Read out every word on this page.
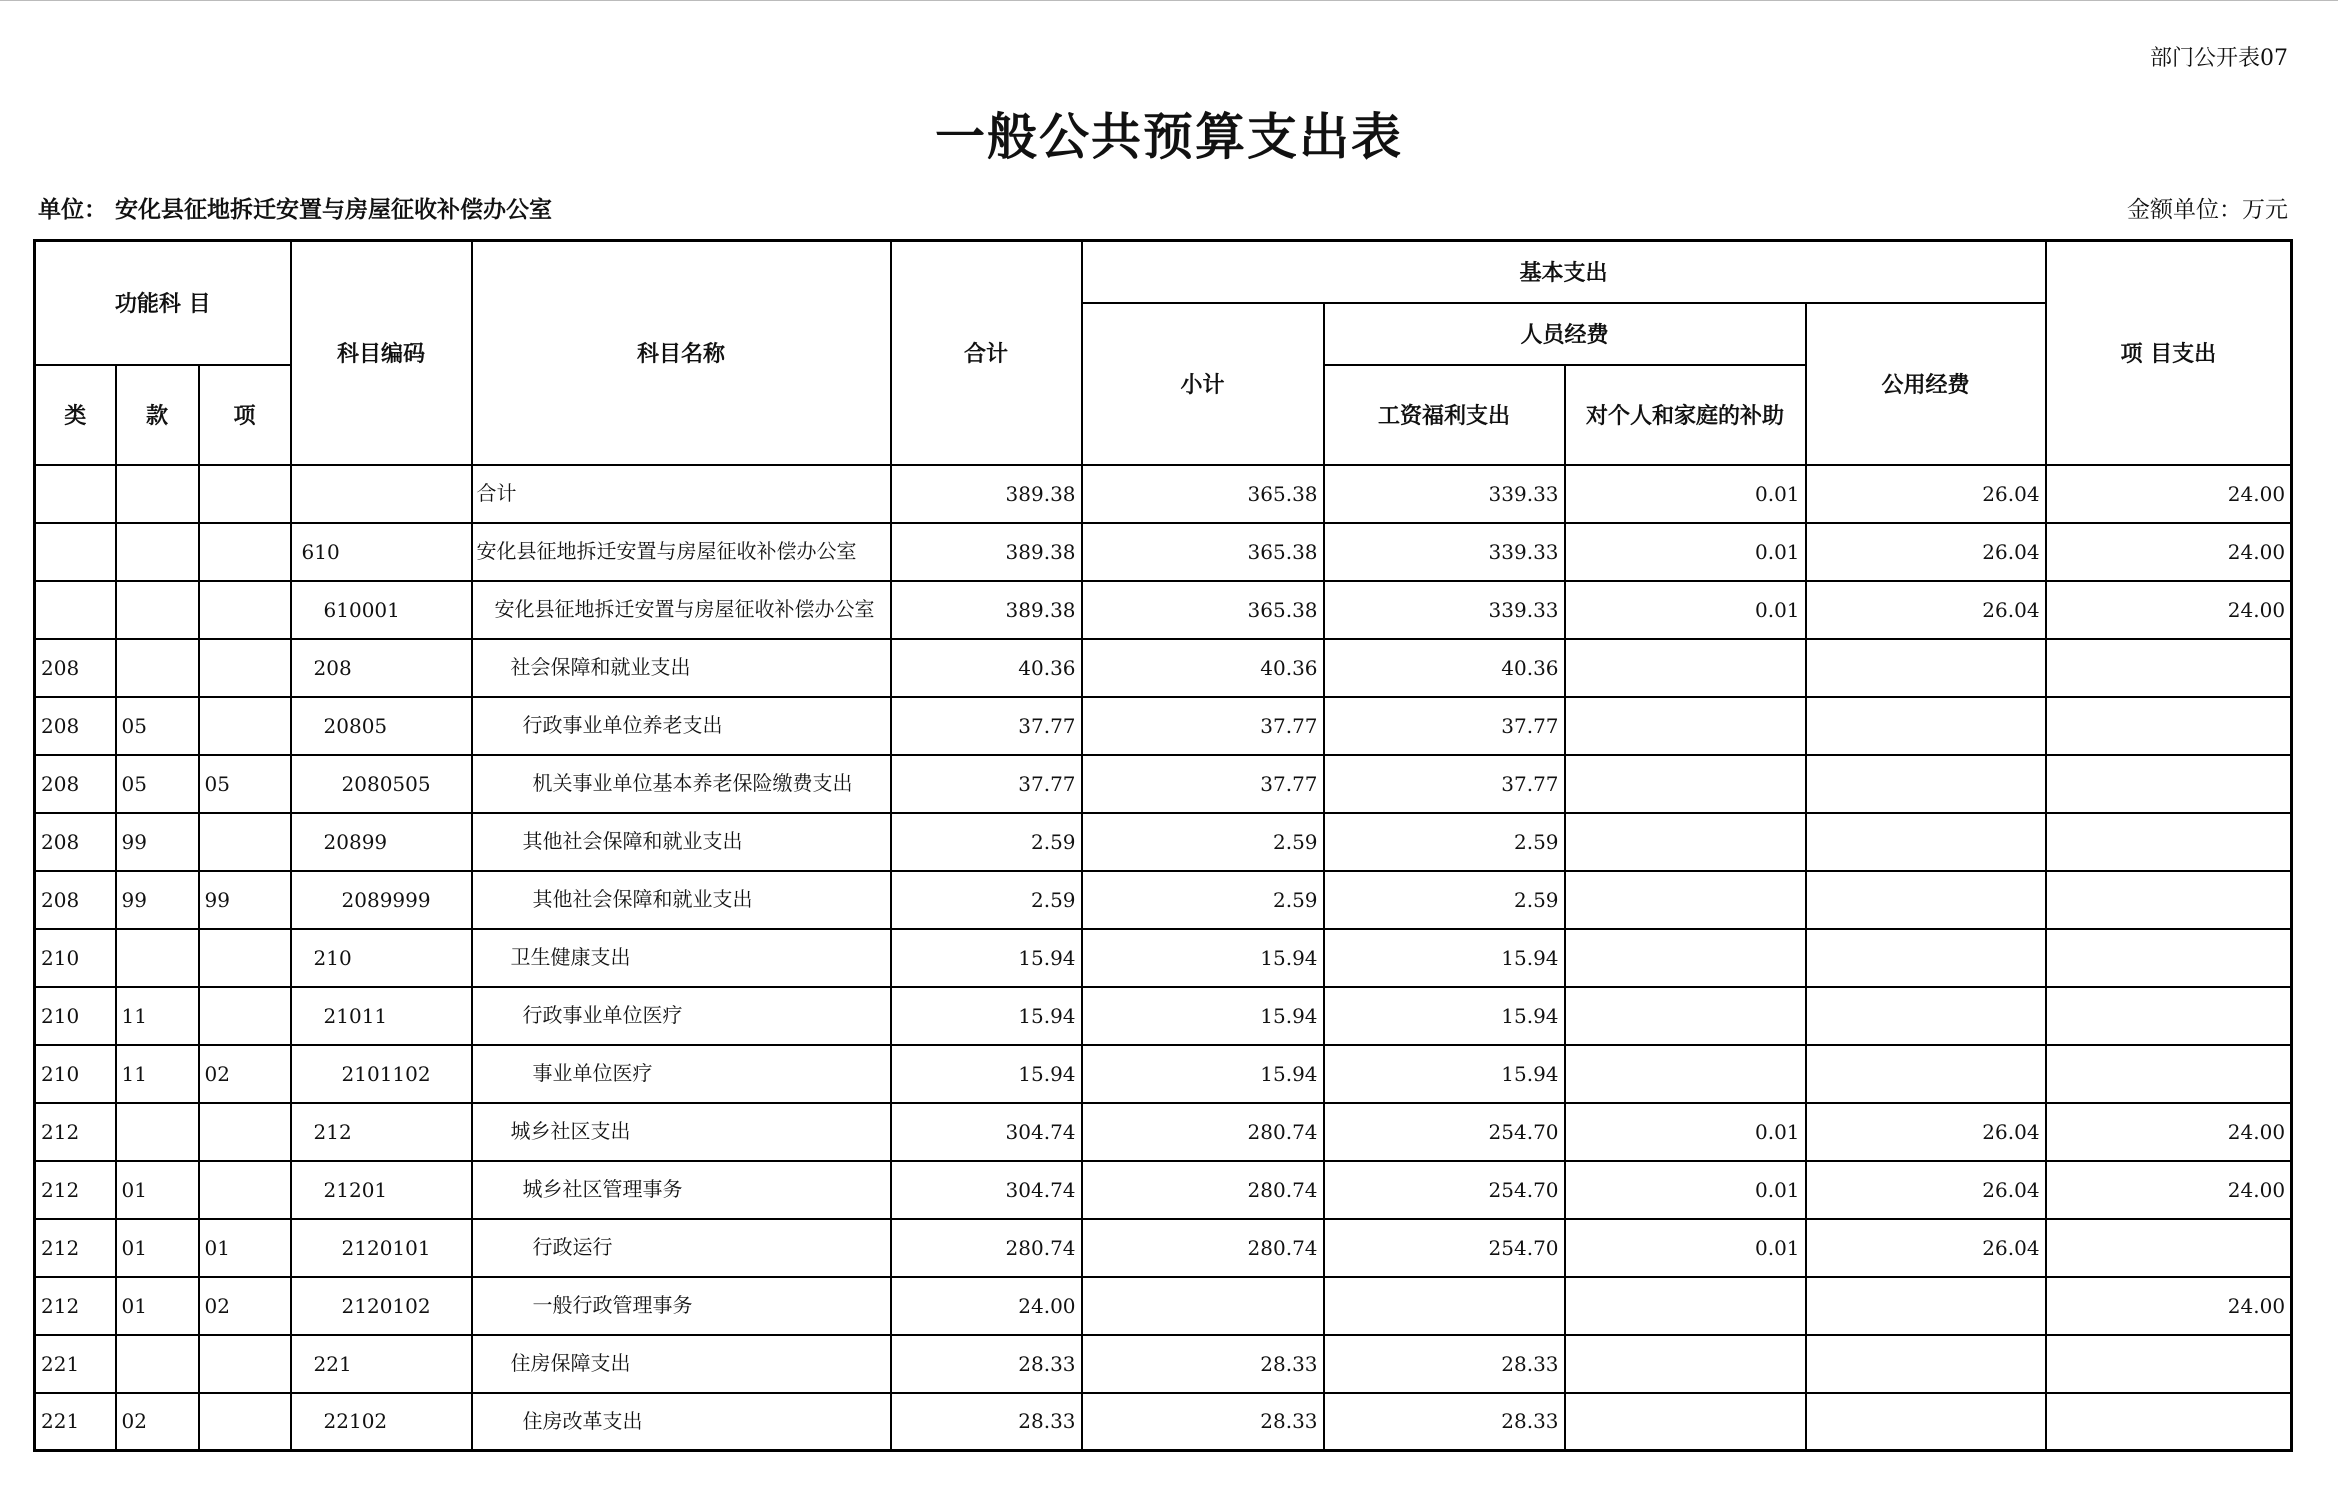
部门公开表07
一般公共预算支出表
单位： 安化县征地拆迁安置与房屋征收补偿办公室	金额单位：万元
功能科 目			科目编码	科目名称	合计	基本支出				项 目支出
						小计	人员经费		公用经费	
类	款	项					工资福利支出	对个人和家庭的补助		
				合计	389.38	365.38	339.33	0.01	26.04	24.00
			610	安化县征地拆迁安置与房屋征收补偿办公室	389.38	365.38	339.33	0.01	26.04	24.00
			610001	安化县征地拆迁安置与房屋征收补偿办公室	389.38	365.38	339.33	0.01	26.04	24.00
208			208	社会保障和就业支出	40.36	40.36	40.36			
208	05		20805	行政事业单位养老支出	37.77	37.77	37.77			
208	05	05	2080505	机关事业单位基本养老保险缴费支出	37.77	37.77	37.77			
208	99		20899	其他社会保障和就业支出	2.59	2.59	2.59			
208	99	99	2089999	其他社会保障和就业支出	2.59	2.59	2.59			
210			210	卫生健康支出	15.94	15.94	15.94			
210	11		21011	行政事业单位医疗	15.94	15.94	15.94			
210	11	02	2101102	事业单位医疗	15.94	15.94	15.94			
212			212	城乡社区支出	304.74	280.74	254.70	0.01	26.04	24.00
212	01		21201	城乡社区管理事务	304.74	280.74	254.70	0.01	26.04	24.00
212	01	01	2120101	行政运行	280.74	280.74	254.70	0.01	26.04	
212	01	02	2120102	一般行政管理事务	24.00					24.00
221			221	住房保障支出	28.33	28.33	28.33			
221	02		22102	住房改革支出	28.33	28.33	28.33			
